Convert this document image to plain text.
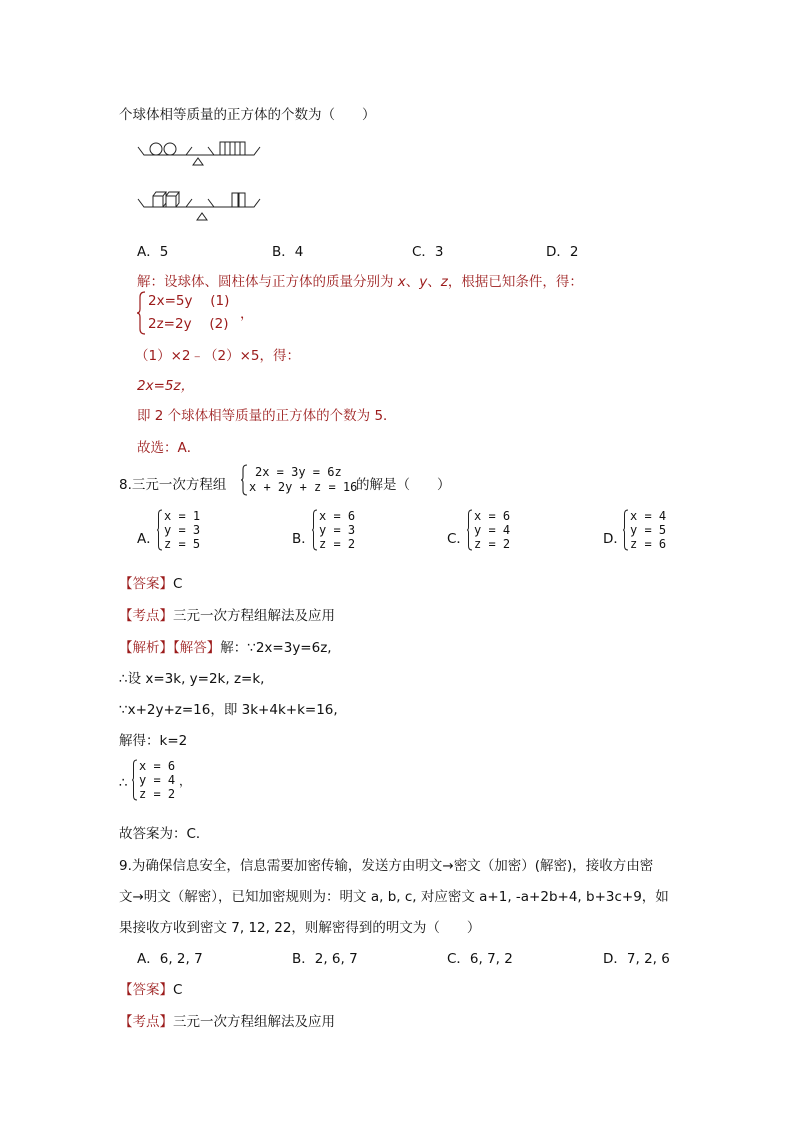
个球体相等质量的正方体的个数为（　　）
A．5	B．4	C．3	D．2
解：设球体、圆柱体与正方体的质量分别为 x、y、z，根据已知条件，得：
2x=5y　 (1)
2z=2y　 (2)
，
（1）×2﹣（2）×5，得：
2x=5z，
即 2 个球体相等质量的正方体的个数为 5．
故选：A．
8.三元一次方程组
2x = 3y = 6z
x + 2y + z = 16
的解是（　　）
A．
x = 1
y = 3
z = 5	B．
x = 6
y = 3
z = 2	C．
x = 6
y = 4
z = 2	D．
x = 4
y = 5
z = 6
【答案】C
【考点】三元一次方程组解法及应用
【解析】【解答】解：∵2x=3y=6z,
∴设 x=3k, y=2k, z=k,
∵x+2y+z=16，即 3k+4k+k=16,
解得：k=2
∴
x = 6
y = 4
z = 2
，
故答案为：C．
9.为确保信息安全，信息需要加密传输，发送方由明文→密文（加密）(解密)，接收方由密
文→明文（解密），已知加密规则为：明文 a, b, c, 对应密文 a+1, -a+2b+4, b+3c+9，如
果接收方收到密文 7, 12, 22，则解密得到的明文为（　　）
A．6, 2, 7	B．2, 6, 7	C．6, 7, 2	D．7, 2, 6
【答案】C
【考点】三元一次方程组解法及应用
